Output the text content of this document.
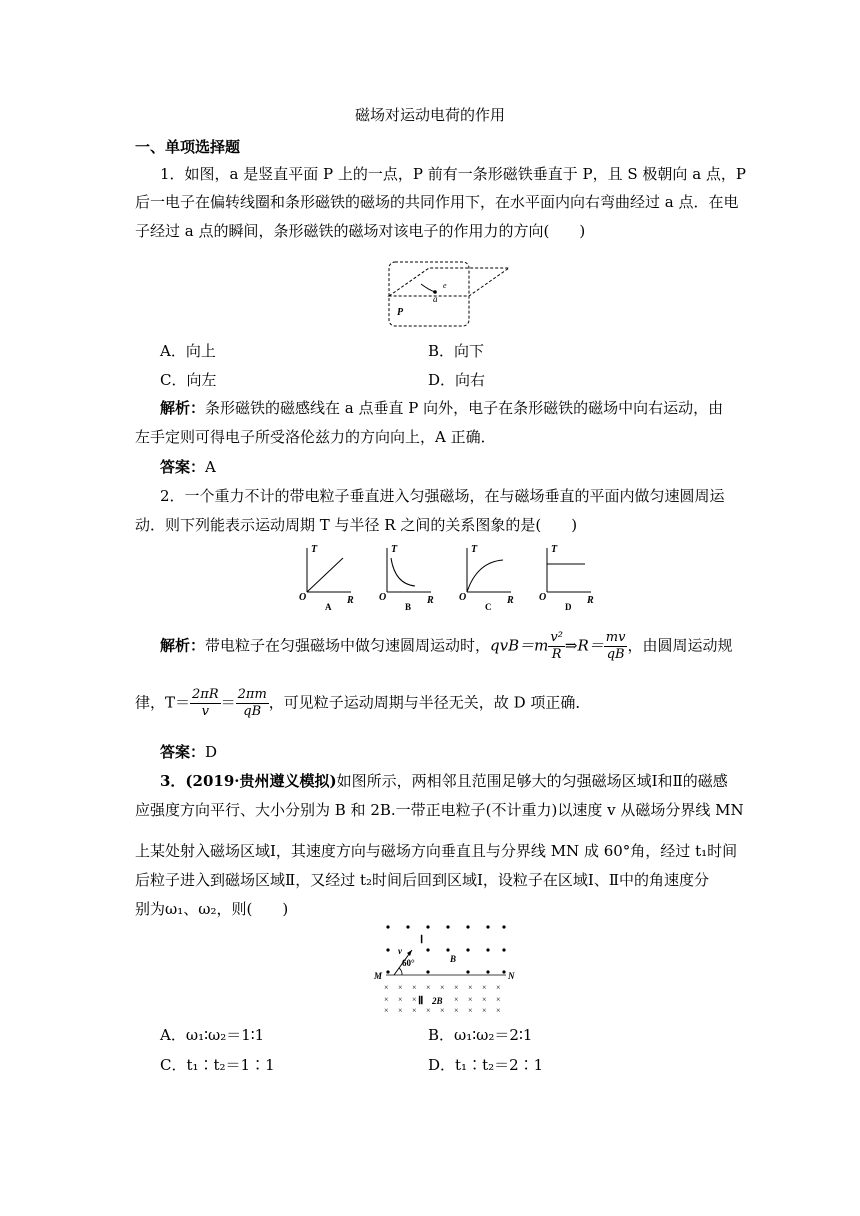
磁场对运动电荷的作用
一、单项选择题
1．如图，a 是竖直平面 P 上的一点，P 前有一条形磁铁垂直于 P，且 S 极朝向 a 点，P
后一电子在偏转线圈和条形磁铁的磁场的共同作用下，在水平面内向右弯曲经过 a 点．在电
子经过 a 点的瞬间，条形磁铁的磁场对该电子的作用力的方向(　　)
a
e
P
A．向上	B．向下
C．向左	D．向右
解析：条形磁铁的磁感线在 a 点垂直 P 向外，电子在条形磁铁的磁场中向右运动，由
左手定则可得电子所受洛伦兹力的方向向上，A 正确．
答案：A
2．一个重力不计的带电粒子垂直进入匀强磁场，在与磁场垂直的平面内做匀速圆周运
动．则下列能表示运动周期 T 与半径 R 之间的关系图象的是(　　)
T
R
O
A
T
R
O
B
T
R
O
C
T
R
O
D
解析：带电粒子在匀强磁场中做匀速圆周运动时，$qvB=m \frac{\text{v²}}{R}$ ⇒R＝ $\frac{mv}{qB}$ ，由圆周运动规
律，$T= \frac{2\pi R}{v} = \frac{2\pi m}{qB}$ ，可见粒子运动周期与半径无关，故 D 项正确．
答案：D
3．(2019·贵州遵义模拟)如图所示，两相邻且范围足够大的匀强磁场区域Ⅰ和Ⅱ的磁感
应强度方向平行、大小分别为 B 和 2B.一带正电粒子(不计重力)以速度 v 从磁场分界线 MN
上某处射入磁场区域Ⅰ，其速度方向与磁场方向垂直且与分界线 MN 成 60°角，经过 t₁时间
后粒子进入到磁场区域Ⅱ，又经过 t₂时间后回到区域Ⅰ，设粒子在区域Ⅰ、Ⅱ中的角速度分
别为ω₁、ω₂，则(　　)
× × × × × × × × ×
× × ×	× × × ×
× × × × × × × × ×
Ⅰ
v
60°	B
M	N
Ⅱ 2B
A．ω₁∶ω₂＝1∶1	B．ω₁∶ω₂＝2∶1
C．t₁∶t₂＝1∶1	D．t₁∶t₂＝2∶1
